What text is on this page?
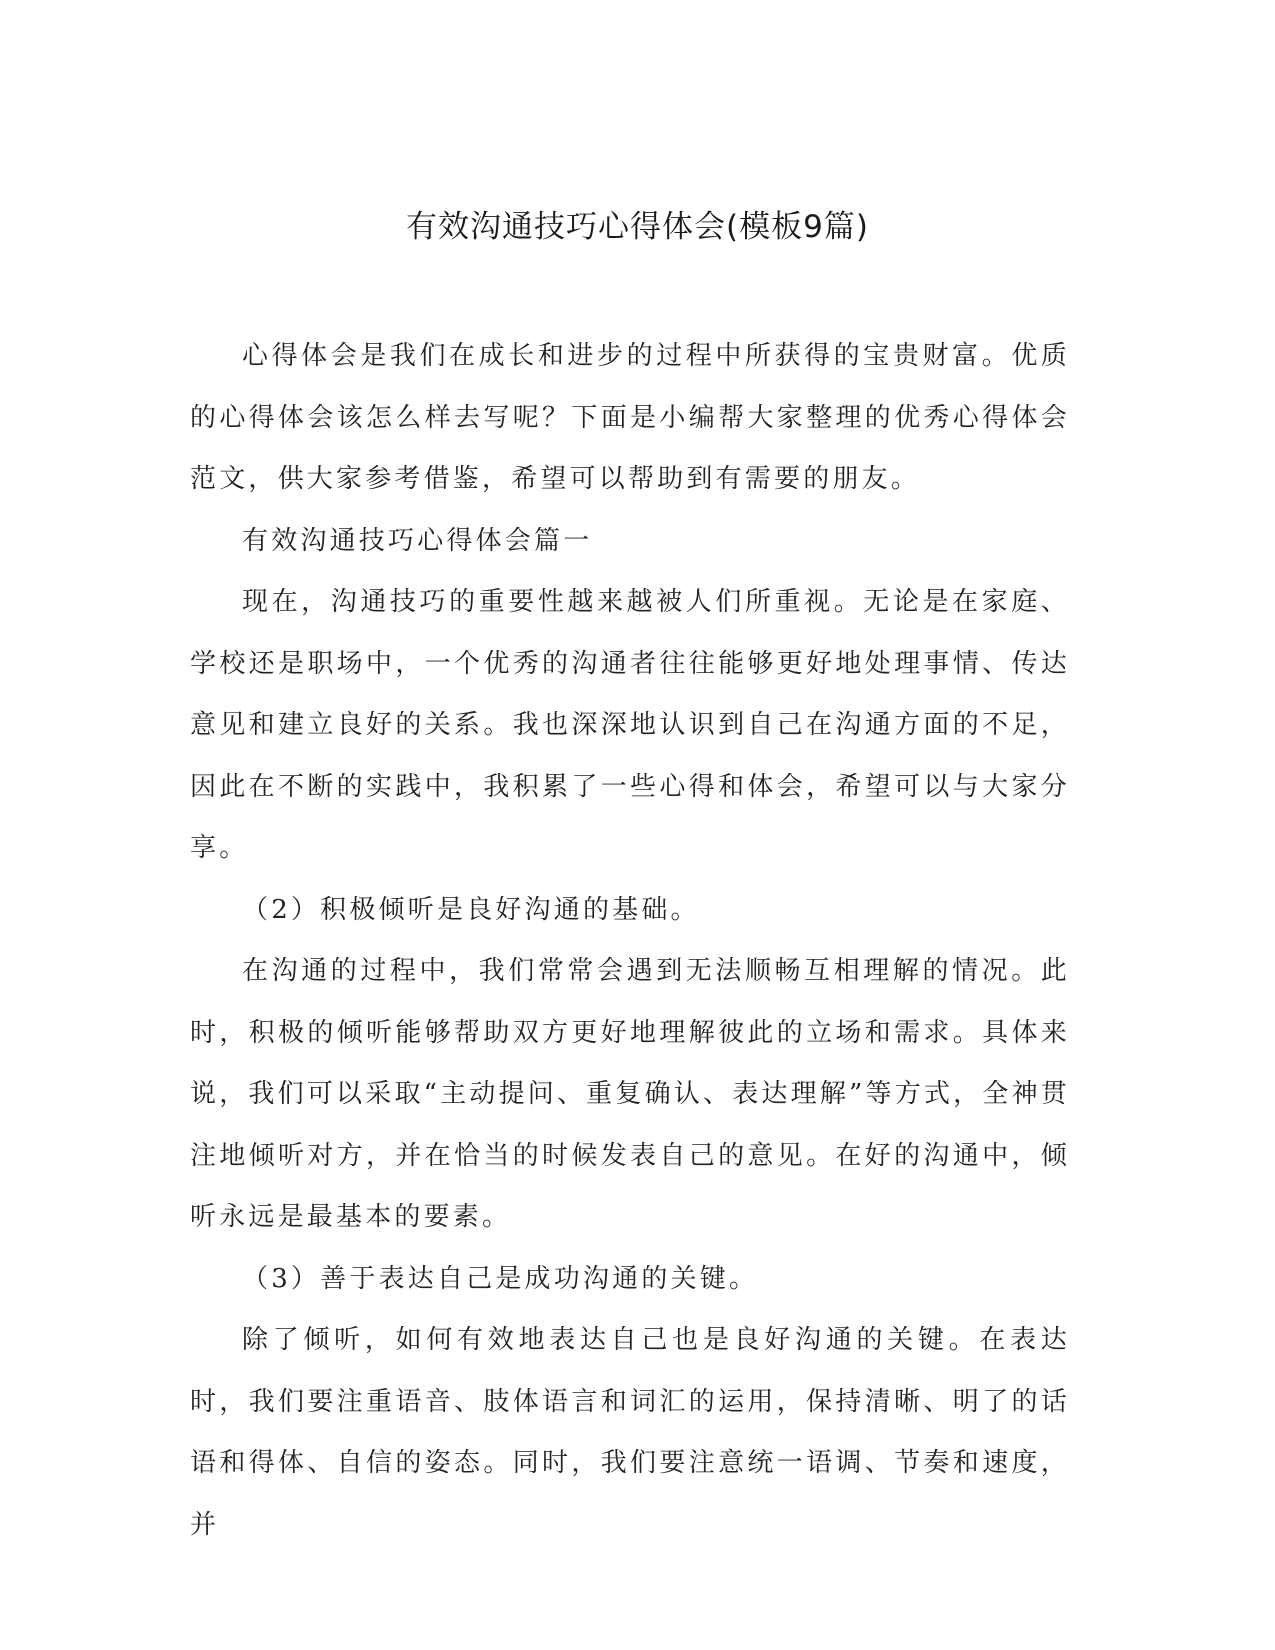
有效沟通技巧心得体会(模板9篇)

心得体会是我们在成长和进步的过程中所获得的宝贵财富。优质的心得体会该怎么样去写呢？下面是小编帮大家整理的优秀心得体会范文，供大家参考借鉴，希望可以帮助到有需要的朋友。

有效沟通技巧心得体会篇一

现在，沟通技巧的重要性越来越被人们所重视。无论是在家庭、学校还是职场中，一个优秀的沟通者往往能够更好地处理事情、传达意见和建立良好的关系。我也深深地认识到自己在沟通方面的不足，因此在不断的实践中，我积累了一些心得和体会，希望可以与大家分享。

（2）积极倾听是良好沟通的基础。

在沟通的过程中，我们常常会遇到无法顺畅互相理解的情况。此时，积极的倾听能够帮助双方更好地理解彼此的立场和需求。具体来说，我们可以采取“主动提问、重复确认、表达理解”等方式，全神贯注地倾听对方，并在恰当的时候发表自己的意见。在好的沟通中，倾听永远是最基本的要素。

（3）善于表达自己是成功沟通的关键。

除了倾听，如何有效地表达自己也是良好沟通的关键。在表达时，我们要注重语音、肢体语言和词汇的运用，保持清晰、明了的话语和得体、自信的姿态。同时，我们要注意统一语调、节奏和速度，并
